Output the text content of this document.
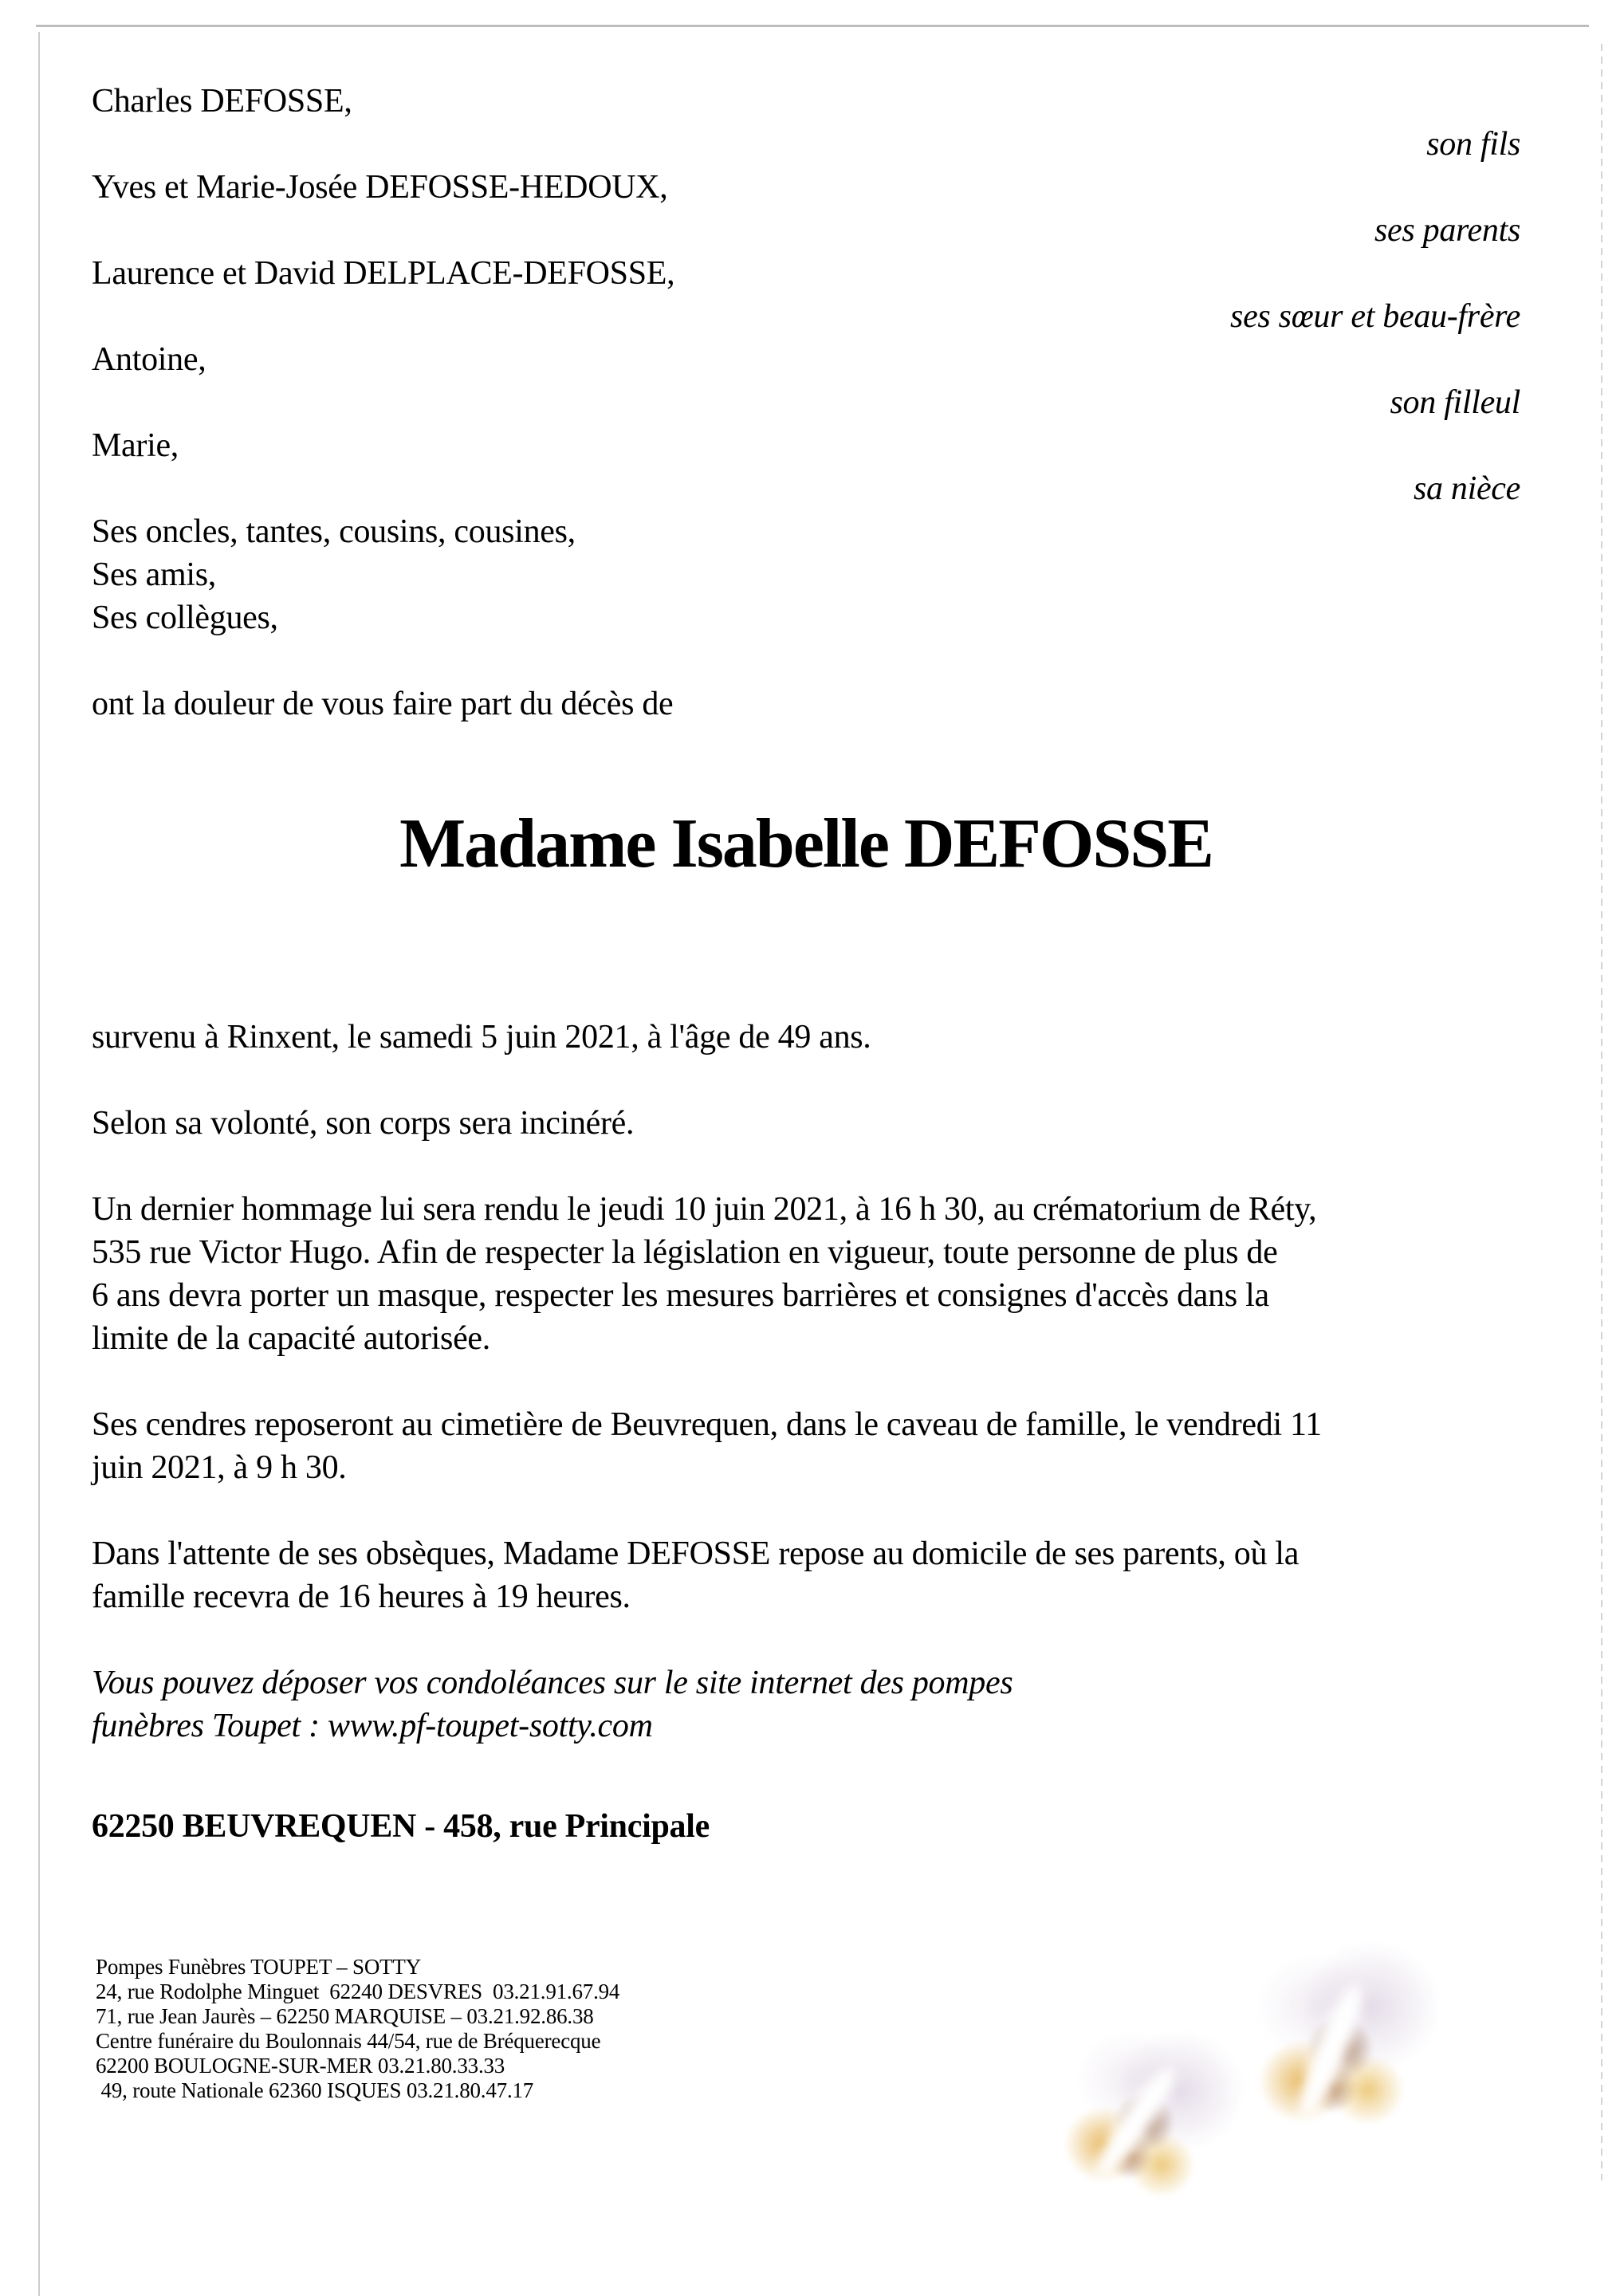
Charles DEFOSSE,
son fils
Yves et Marie-Josée DEFOSSE-HEDOUX,
ses parents
Laurence et David DELPLACE-DEFOSSE,
ses sœur et beau-frère
Antoine,
son filleul
Marie,
sa nièce
Ses oncles, tantes, cousins, cousines,
Ses amis,
Ses collègues,
ont la douleur de vous faire part du décès de
Madame Isabelle DEFOSSE
survenu à Rinxent, le samedi 5 juin 2021, à l'âge de 49 ans.
Selon sa volonté, son corps sera incinéré.
Un dernier hommage lui sera rendu le jeudi 10 juin 2021, à 16 h 30, au crématorium de Réty,
535 rue Victor Hugo. Afin de respecter la législation en vigueur, toute personne de plus de
6 ans devra porter un masque, respecter les mesures barrières et consignes d'accès dans la
limite de la capacité autorisée.
Ses cendres reposeront au cimetière de Beuvrequen, dans le caveau de famille, le vendredi 11
juin 2021, à 9 h 30.
Dans l'attente de ses obsèques, Madame DEFOSSE repose au domicile de ses parents, où la
famille recevra de 16 heures à 19 heures.
Vous pouvez déposer vos condoléances sur le site internet des pompes
funèbres Toupet : www.pf-toupet-sotty.com
62250 BEUVREQUEN - 458, rue Principale
Pompes Funèbres TOUPET – SOTTY
24, rue Rodolphe Minguet  62240 DESVRES  03.21.91.67.94
71, rue Jean Jaurès – 62250 MARQUISE – 03.21.92.86.38
Centre funéraire du Boulonnais 44/54, rue de Bréquerecque
62200 BOULOGNE-SUR-MER 03.21.80.33.33
49, route Nationale 62360 ISQUES 03.21.80.47.17
